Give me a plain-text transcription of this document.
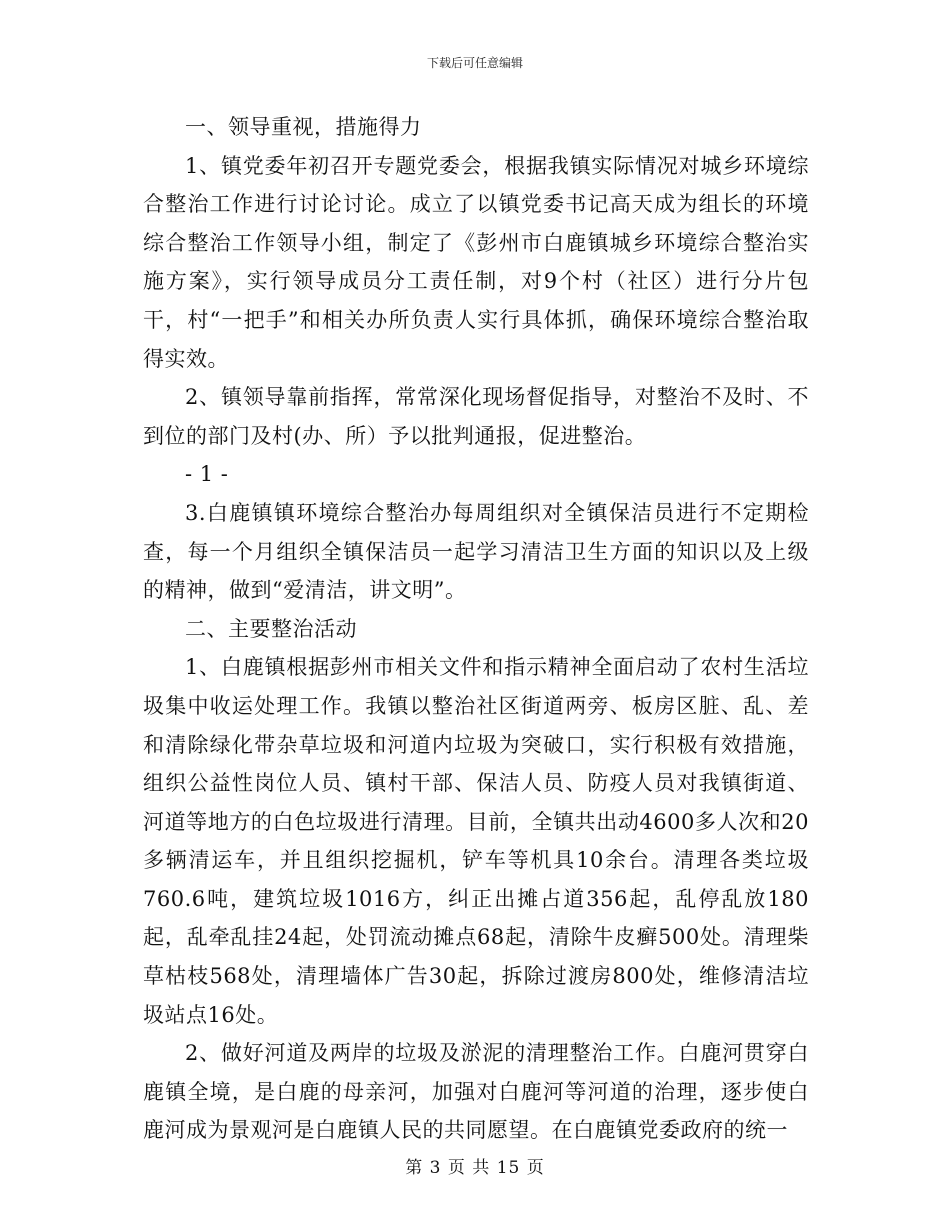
下载后可任意编辑

一、领导重视，措施得力

1、镇党委年初召开专题党委会，根据我镇实际情况对城乡环境综合整治工作进行讨论讨论。成立了以镇党委书记高天成为组长的环境综合整治工作领导小组，制定了《彭州市白鹿镇城乡环境综合整治实施方案》，实行领导成员分工责任制，对9个村（社区）进行分片包干，村“一把手”和相关办所负责人实行具体抓，确保环境综合整治取得实效。

2、镇领导靠前指挥，常常深化现场督促指导，对整治不及时、不到位的部门及村(办、所）予以批判通报，促进整治。

- 1 -

3.白鹿镇镇环境综合整治办每周组织对全镇保洁员进行不定期检查，每一个月组织全镇保洁员一起学习清洁卫生方面的知识以及上级的精神，做到“爱清洁，讲文明”。

二、主要整治活动

1、白鹿镇根据彭州市相关文件和指示精神全面启动了农村生活垃圾集中收运处理工作。我镇以整治社区街道两旁、板房区脏、乱、差和清除绿化带杂草垃圾和河道内垃圾为突破口，实行积极有效措施，组织公益性岗位人员、镇村干部、保洁人员、防疫人员对我镇街道、河道等地方的白色垃圾进行清理。目前，全镇共出动4600多人次和20多辆清运车，并且组织挖掘机，铲车等机具10余台。清理各类垃圾760.6吨，建筑垃圾1016方，纠正出摊占道356起，乱停乱放180起，乱牵乱挂24起，处罚流动摊点68起，清除牛皮癣500处。清理柴草枯枝568处，清理墙体广告30起，拆除过渡房800处，维修清洁垃圾站点16处。

2、做好河道及两岸的垃圾及淤泥的清理整治工作。白鹿河贯穿白鹿镇全境，是白鹿的母亲河，加强对白鹿河等河道的治理，逐步使白鹿河成为景观河是白鹿镇人民的共同愿望。在白鹿镇党委政府的统一

第 3 页 共 15 页
